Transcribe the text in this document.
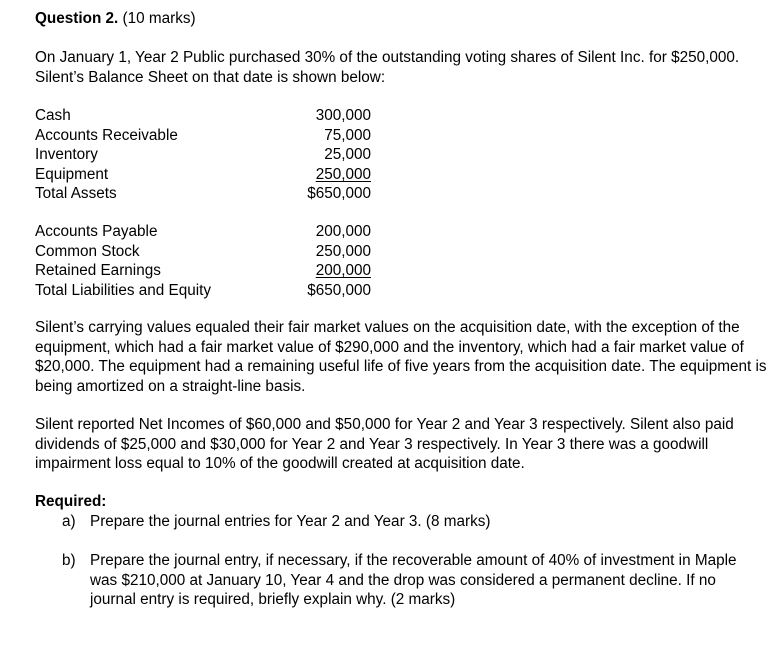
Question 2. (10 marks)

On January 1, Year 2 Public purchased 30% of the outstanding voting shares of Silent Inc. for $250,000. Silent’s Balance Sheet on that date is shown below:

Cash	300,000
Accounts Receivable	75,000
Inventory	25,000
Equipment	250,000
Total Assets	$650,000
Accounts Payable	200,000
Common Stock	250,000
Retained Earnings	200,000
Total Liabilities and Equity	$650,000

Silent’s carrying values equaled their fair market values on the acquisition date, with the exception of the equipment, which had a fair market value of $290,000 and the inventory, which had a fair market value of $20,000. The equipment had a remaining useful life of five years from the acquisition date. The equipment is being amortized on a straight-line basis.

Silent reported Net Incomes of $60,000 and $50,000 for Year 2 and Year 3 respectively. Silent also paid dividends of $25,000 and $30,000 for Year 2 and Year 3 respectively. In Year 3 there was a goodwill impairment loss equal to 10% of the goodwill created at acquisition date.

Required:
a) Prepare the journal entries for Year 2 and Year 3. (8 marks)
b) Prepare the journal entry, if necessary, if the recoverable amount of 40% of investment in Maple was $210,000 at January 10, Year 4 and the drop was considered a permanent decline. If no journal entry is required, briefly explain why. (2 marks)
